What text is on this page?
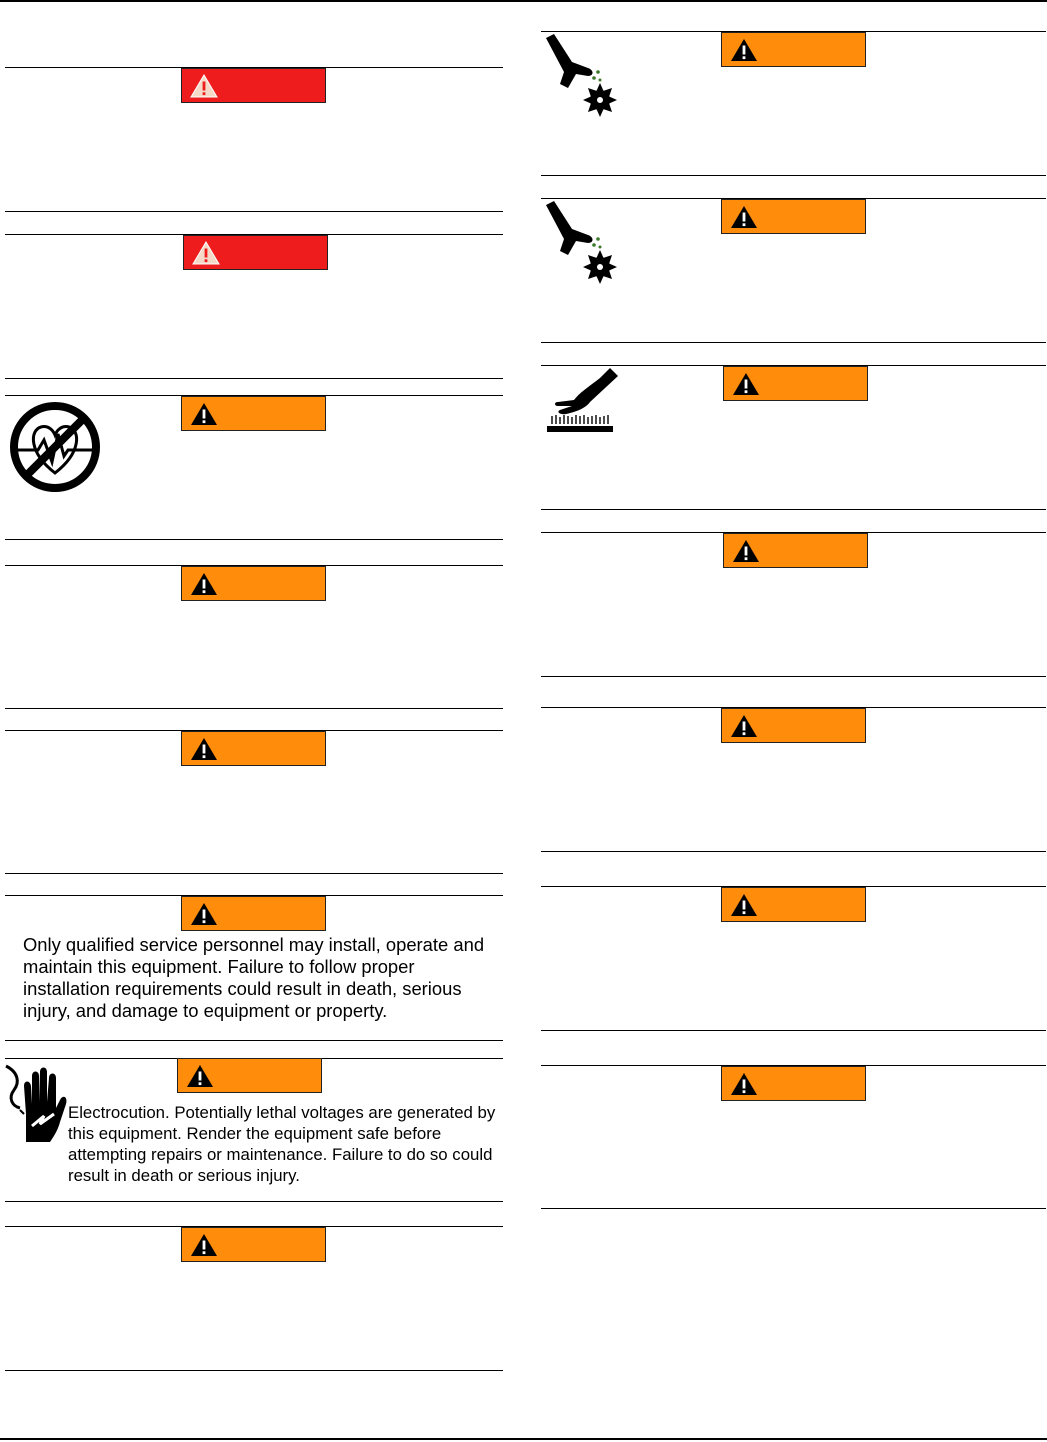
Only qualified service personnel may install, operate and maintain this equipment. Failure to follow proper installation requirements could result in death, serious injury, and damage to equipment or property.

Electrocution. Potentially lethal voltages are generated by this equipment. Render the equipment safe before attempting repairs or maintenance. Failure to do so could result in death or serious injury.
